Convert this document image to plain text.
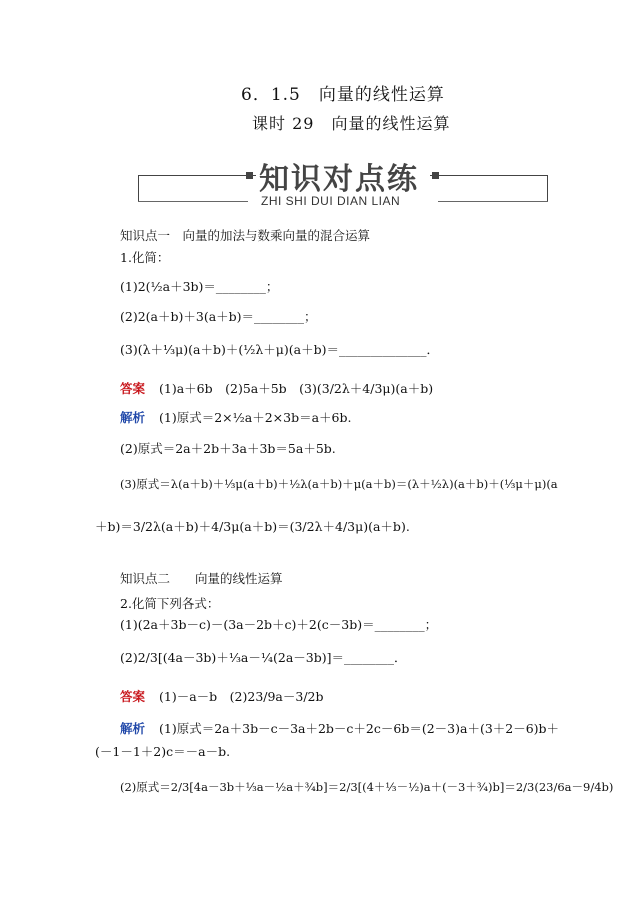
6．1.5　向量的线性运算
课时 29　向量的线性运算
知识对点练
ZHI SHI DUI DIAN LIAN
知识点一　向量的加法与数乘向量的混合运算
1.化简：
(1)2(½a＋3b)＝________；
(2)2(a＋b)＋3(a＋b)＝________；
(3)(λ＋⅓μ)(a＋b)＋(½λ＋μ)(a＋b)＝______________．
答案 (1)a＋6b　(2)5a＋5b　(3)(3/2λ＋4/3μ)(a＋b)
解析 (1)原式＝2×½a＋2×3b＝a＋6b.
(2)原式＝2a＋2b＋3a＋3b＝5a＋5b.
(3)原式＝λ(a＋b)＋⅓μ(a＋b)＋½λ(a＋b)＋μ(a＋b)＝(λ＋½λ)(a＋b)＋(⅓μ＋μ)(a
＋b)＝3/2λ(a＋b)＋4/3μ(a＋b)＝(3/2λ＋4/3μ)(a＋b).
知识点二　　向量的线性运算
2.化简下列各式：
(1)(2a＋3b－c)－(3a－2b＋c)＋2(c－3b)＝________；
(2)2/3[(4a－3b)＋⅓a－¼(2a－3b)]＝________．
答案 (1)－a－b　(2)23/9a－3/2b
解析 (1)原式＝2a＋3b－c－3a＋2b－c＋2c－6b＝(2－3)a＋(3＋2－6)b＋
(－1－1＋2)c＝－a－b.
(2)原式＝2/3[4a－3b＋⅓a－½a＋¾b]＝2/3[(4＋⅓－½)a＋(－3＋¾)b]＝2/3(23/6a－9/4b)
